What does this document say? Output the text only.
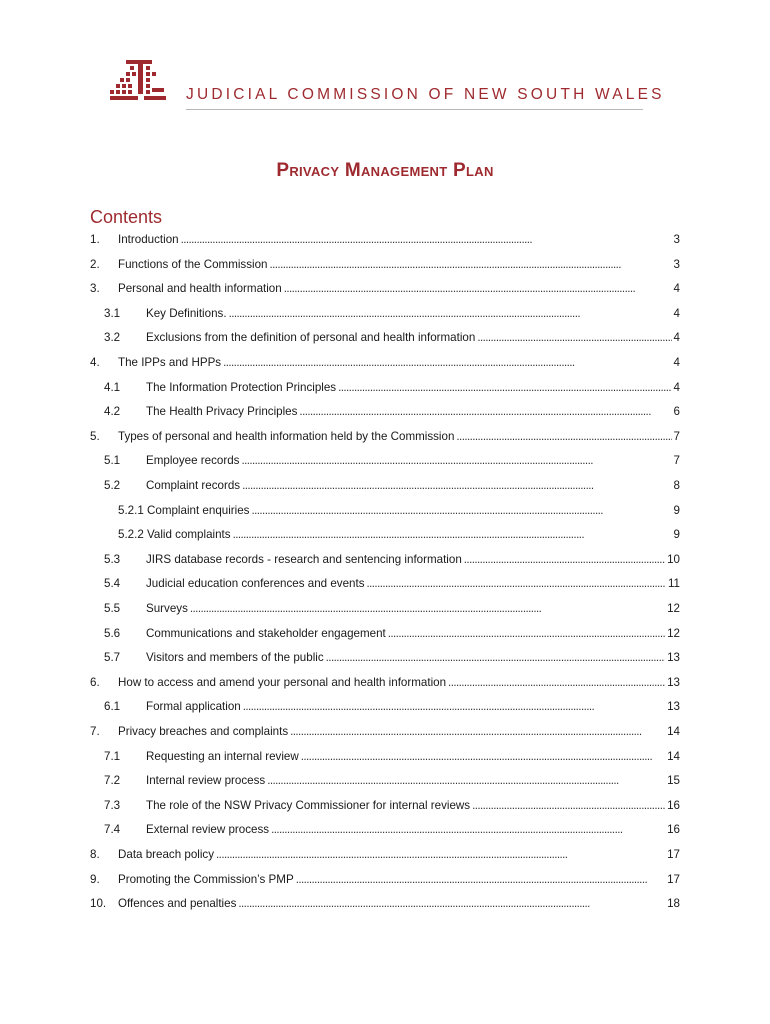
JUDICIAL COMMISSION OF NEW SOUTH WALES
Privacy Management Plan
Contents
1.	Introduction . . .	3
2.	Functions of the Commission . . .	3
3.	Personal and health information . . .	4
3.1	Key Definitions. . . .	4
3.2	Exclusions from the definition of personal and health information . . .	4
4.	The IPPs and HPPs . . .	4
4.1	The Information Protection Principles . . .	4
4.2	The Health Privacy Principles . . .	6
5.	Types of personal and health information held by the Commission . . .	7
5.1	Employee records . . .	7
5.2	Complaint records . . .	8
5.2.1 Complaint enquiries . . .	9
5.2.2 Valid complaints . . .	9
5.3	JIRS database records - research and sentencing information . . .	10
5.4	Judicial education conferences and events . . .	11
5.5	Surveys . . .	12
5.6	Communications and stakeholder engagement . . .	12
5.7	Visitors and members of the public . . .	13
6.	How to access and amend your personal and health information . . .	13
6.1	Formal application . . .	13
7.	Privacy breaches and complaints . . .	14
7.1	Requesting an internal review . . .	14
7.2	Internal review process . . .	15
7.3	The role of the NSW Privacy Commissioner for internal reviews . . .	16
7.4	External review process . . .	16
8.	Data breach policy . . .	17
9.	Promoting the Commission’s PMP . . .	17
10.	Offences and penalties . . .	18
